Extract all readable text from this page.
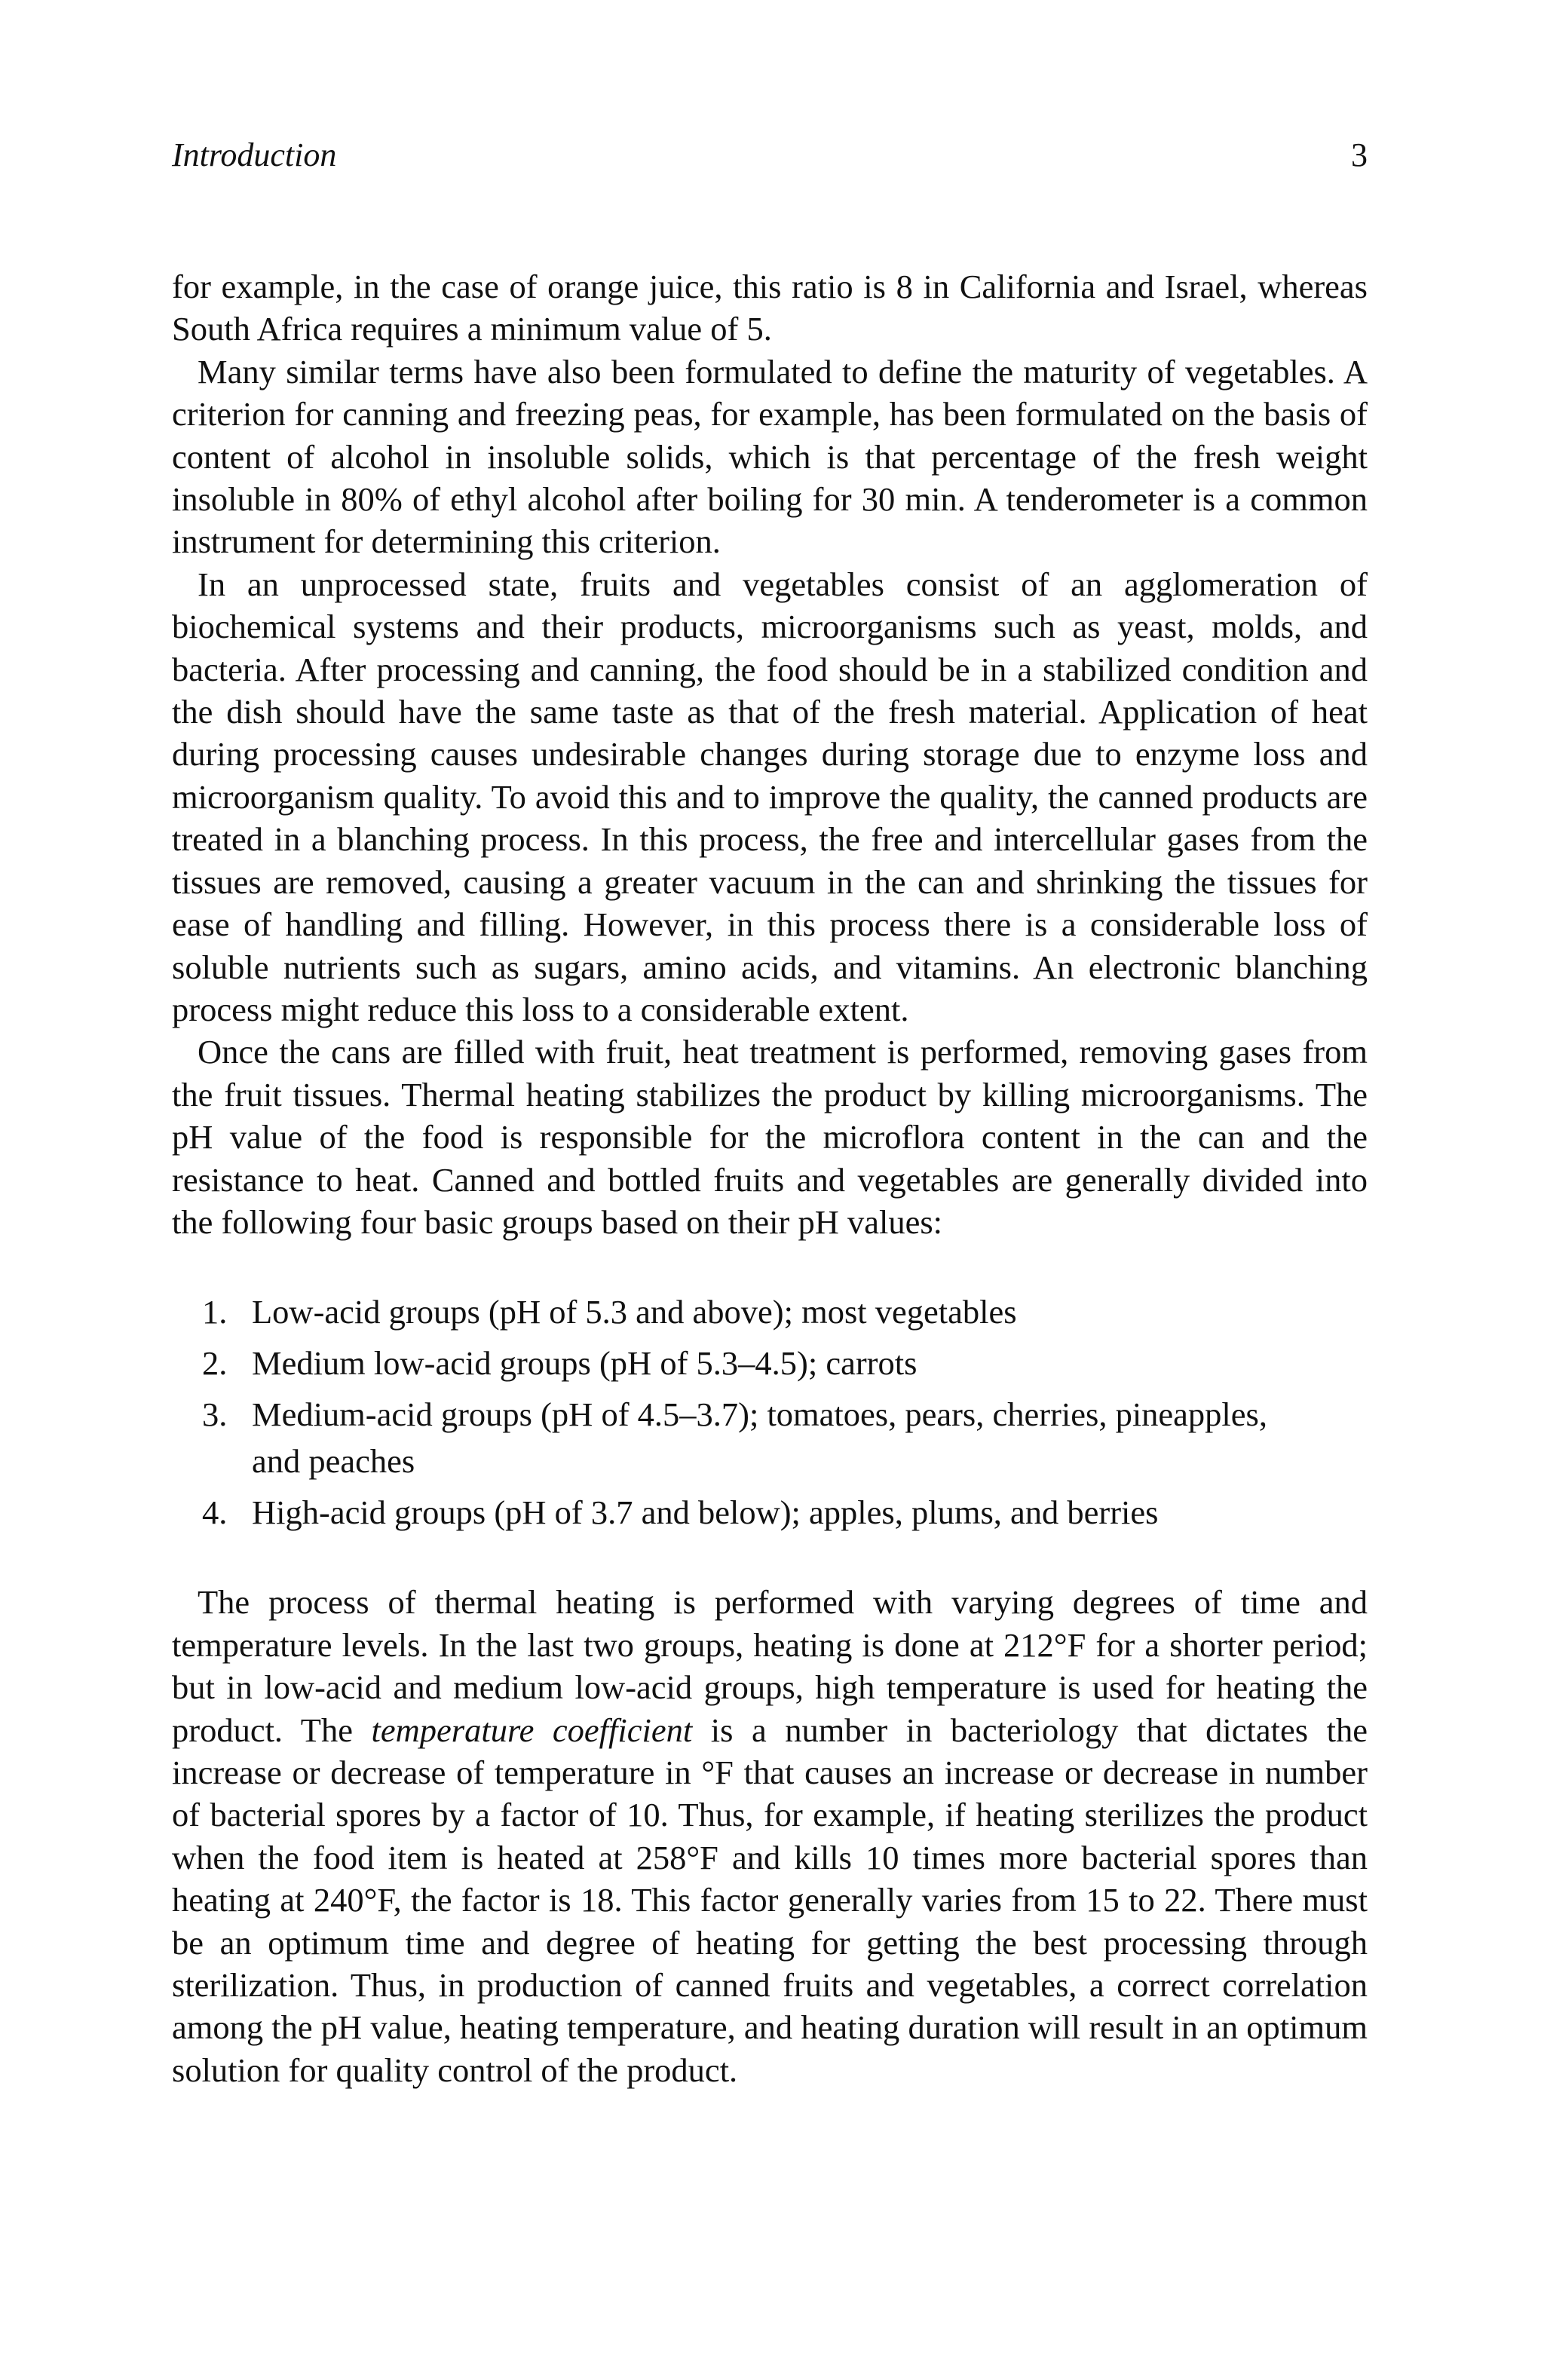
Introduction	3

for example, in the case of orange juice, this ratio is 8 in California and Israel, whereas South Africa requires a minimum value of 5.

Many similar terms have also been formulated to define the maturity of vegetables. A criterion for canning and freezing peas, for example, has been formulated on the basis of content of alcohol in insoluble solids, which is that percentage of the fresh weight insoluble in 80% of ethyl alcohol after boiling for 30 min. A tenderometer is a common instrument for determining this criterion.

In an unprocessed state, fruits and vegetables consist of an agglomeration of biochemical systems and their products, microorganisms such as yeast, molds, and bacteria. After processing and canning, the food should be in a stabilized condition and the dish should have the same taste as that of the fresh material. Application of heat during processing causes undesirable changes during storage due to enzyme loss and microorganism quality. To avoid this and to improve the quality, the canned products are treated in a blanching process. In this process, the free and intercellular gases from the tissues are removed, causing a greater vacuum in the can and shrinking the tissues for ease of handling and filling. However, in this process there is a considerable loss of soluble nutrients such as sugars, amino acids, and vitamins. An electronic blanching process might reduce this loss to a considerable extent.

Once the cans are filled with fruit, heat treatment is performed, removing gases from the fruit tissues. Thermal heating stabilizes the product by killing microorganisms. The pH value of the food is responsible for the microflora content in the can and the resistance to heat. Canned and bottled fruits and vegetables are generally divided into the following four basic groups based on their pH values:

1. Low-acid groups (pH of 5.3 and above); most vegetables
2. Medium low-acid groups (pH of 5.3–4.5); carrots
3. Medium-acid groups (pH of 4.5–3.7); tomatoes, pears, cherries, pineapples, and peaches
4. High-acid groups (pH of 3.7 and below); apples, plums, and berries

The process of thermal heating is performed with varying degrees of time and temperature levels. In the last two groups, heating is done at 212°F for a shorter period; but in low-acid and medium low-acid groups, high temperature is used for heating the product. The temperature coefficient is a number in bacteriology that dictates the increase or decrease of temperature in °F that causes an increase or decrease in number of bacterial spores by a factor of 10. Thus, for example, if heating sterilizes the product when the food item is heated at 258°F and kills 10 times more bacterial spores than heating at 240°F, the factor is 18. This factor generally varies from 15 to 22. There must be an optimum time and degree of heating for getting the best processing through sterilization. Thus, in production of canned fruits and vegetables, a correct correlation among the pH value, heating temperature, and heating duration will result in an optimum solution for quality control of the product.
